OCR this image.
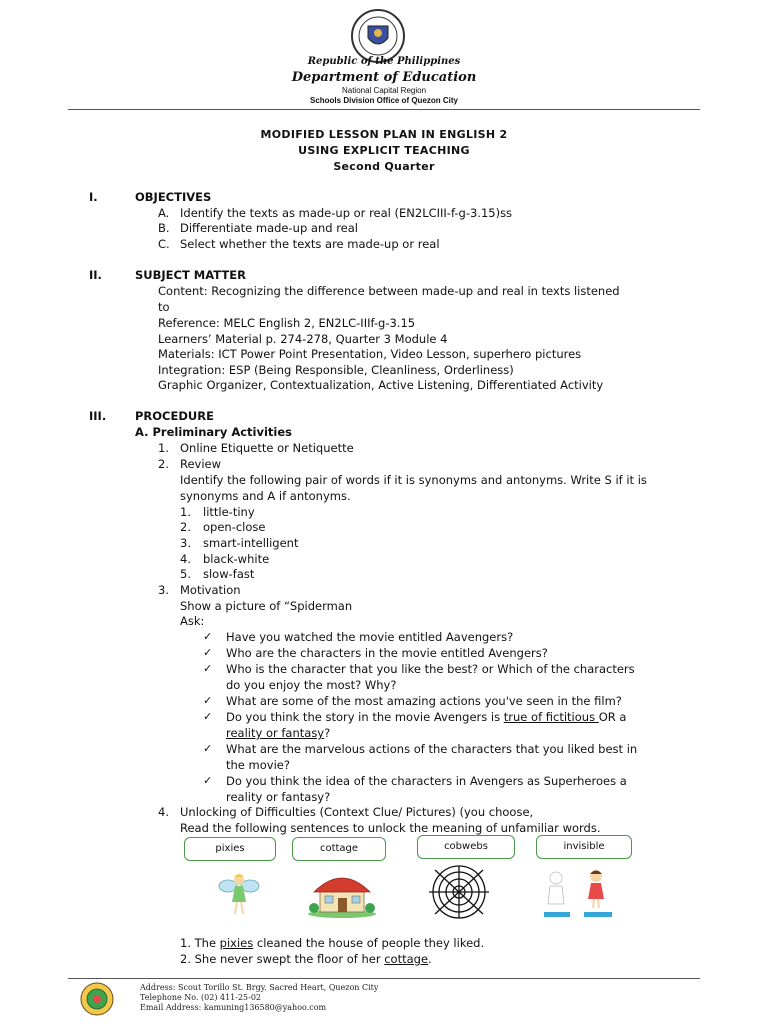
Republic of the Philippines
Department of Education
National Capital Region
Schools Division Office of Quezon City
MODIFIED LESSON PLAN IN ENGLISH 2
USING EXPLICIT TEACHING
Second Quarter
I.	OBJECTIVES
A. Identify the texts as made-up or real (EN2LCIII-f-g-3.15)ss
B. Differentiate made-up and real
C. Select whether the texts are made-up or real
II.	SUBJECT MATTER
Content: Recognizing the difference between made-up and real in texts listened
to
Reference: MELC English 2, EN2LC-IIIf-g-3.15
Learners’ Material p. 274-278, Quarter 3 Module 4
Materials: ICT Power Point Presentation, Video Lesson, superhero pictures
Integration: ESP (Being Responsible, Cleanliness, Orderliness)
Graphic Organizer, Contextualization, Active Listening, Differentiated Activity
III.	PROCEDURE
A. Preliminary Activities
1. Online Etiquette or Netiquette
2. Review
Identify the following pair of words if it is synonyms and antonyms. Write S if it is
synonyms and A if antonyms.
1. little-tiny
2. open-close
3. smart-intelligent
4. black-white
5. slow-fast
3. Motivation
Show a picture of “Spiderman
Ask:
✓ Have you watched the movie entitled Aavengers?
✓ Who are the characters in the movie entitled Avengers?
✓ Who is the character that you like the best? or Which of the characters
do you enjoy the most? Why?
✓ What are some of the most amazing actions you've seen in the film?
✓ Do you think the story in the movie Avengers is true of fictitious OR a
reality or fantasy?
✓ What are the marvelous actions of the characters that you liked best in
the movie?
✓ Do you think the idea of the characters in Avengers as Superheroes a
reality or fantasy?
4. Unlocking of Difficulties (Context Clue/ Pictures) (you choose,
Read the following sentences to unlock the meaning of unfamiliar words.
pixies	cottage	cobwebs	invisible
1. The pixies cleaned the house of people they liked.
2. She never swept the floor of her cottage.
Address: Scout Torillo St. Brgy. Sacred Heart, Quezon City
Telephone No. (02) 411-25-02
Email Address: kamuning136580@yahoo.com
